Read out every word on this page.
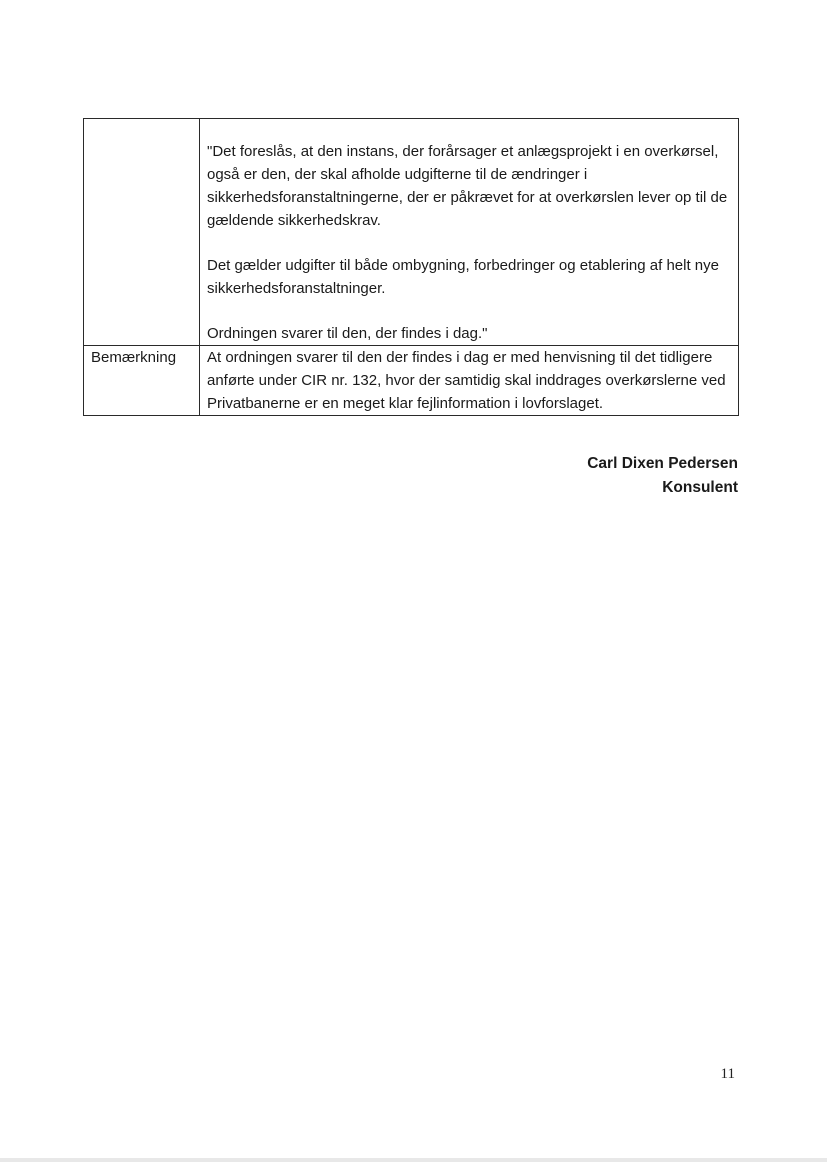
	"Det foreslås, at den instans, der forårsager et anlægsprojekt i en overkørsel, også er den, der skal afholde udgifterne til de ændringer i sikkerhedsforanstaltningerne, der er påkrævet for at overkørslen lever op til de gældende sikkerhedskrav.

Det gælder udgifter til både ombygning, forbedringer og etablering af helt nye sikkerhedsforanstaltninger.

Ordningen svarer til den, der findes i dag."

Bemærkning	At ordningen svarer til den der findes i dag er med henvisning til det tidligere anførte under CIR nr. 132, hvor der samtidig skal inddrages overkørslerne ved Privatbanerne er en meget klar fejlinformation i lovforslaget.
Carl Dixen Pedersen
Konsulent
11
